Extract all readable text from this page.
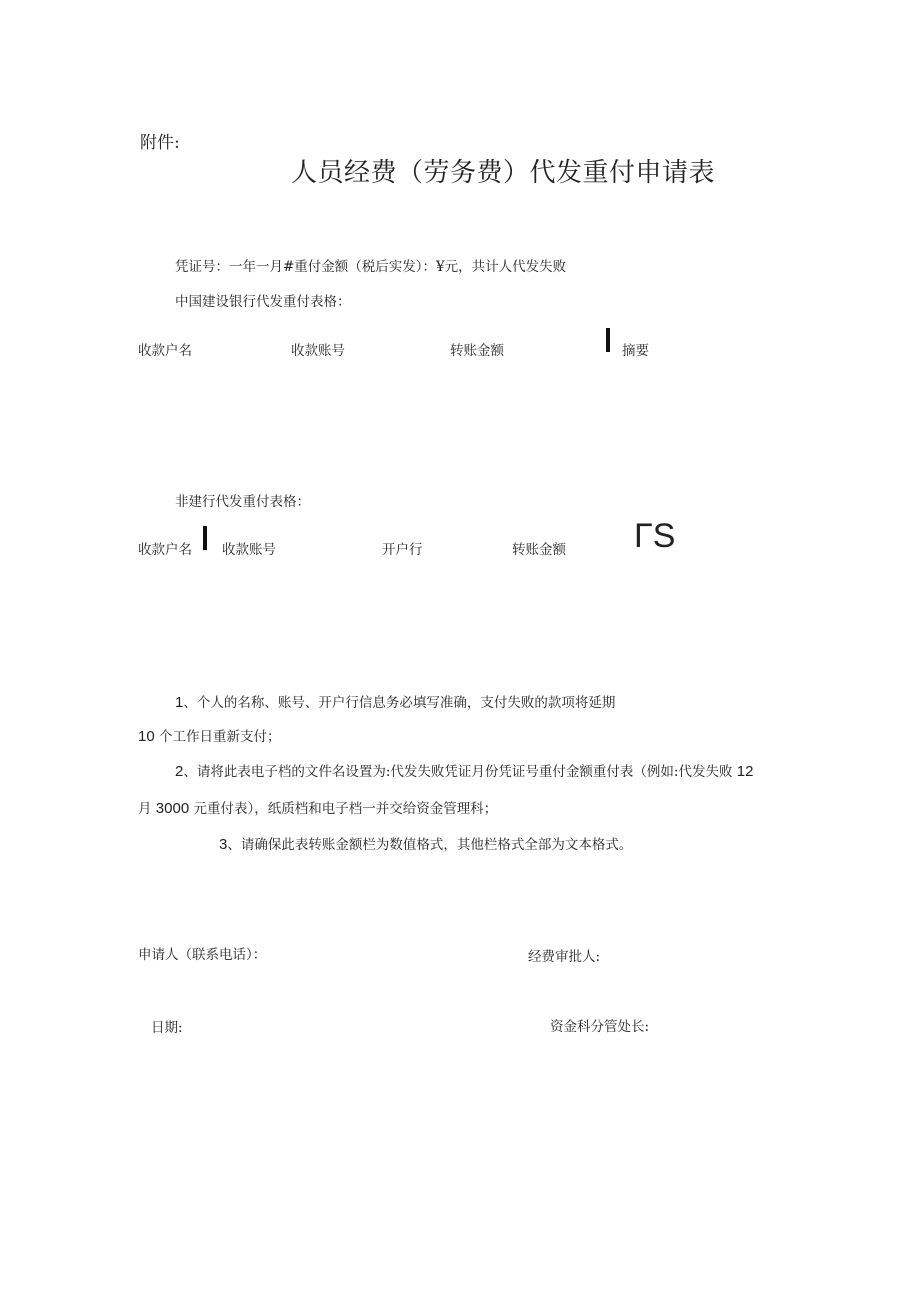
附件:
人员经费（劳务费）代发重付申请表
凭证号：一年一月#重付金额（税后实发）：¥元，共计人代发失败
中国建设银行代发重付表格：
收款户名	收款账号	转账金额	摘要
非建行代发重付表格：
收款户名 收款账号	开户行	转账金额 ΓS
1、个人的名称、账号、开户行信息务必填写准确，支付失败的款项将延期
10 个工作日重新支付；
2、请将此表电子档的文件名设置为:代发失败凭证月份凭证号重付金额重付表（例如:代发失败 12
月 3000 元重付表），纸质档和电子档一并交给资金管理科；
3、请确保此表转账金额栏为数值格式，其他栏格式全部为文本格式。
申请人（联系电话）：	经费审批人:
日期:	资金科分管处长:
